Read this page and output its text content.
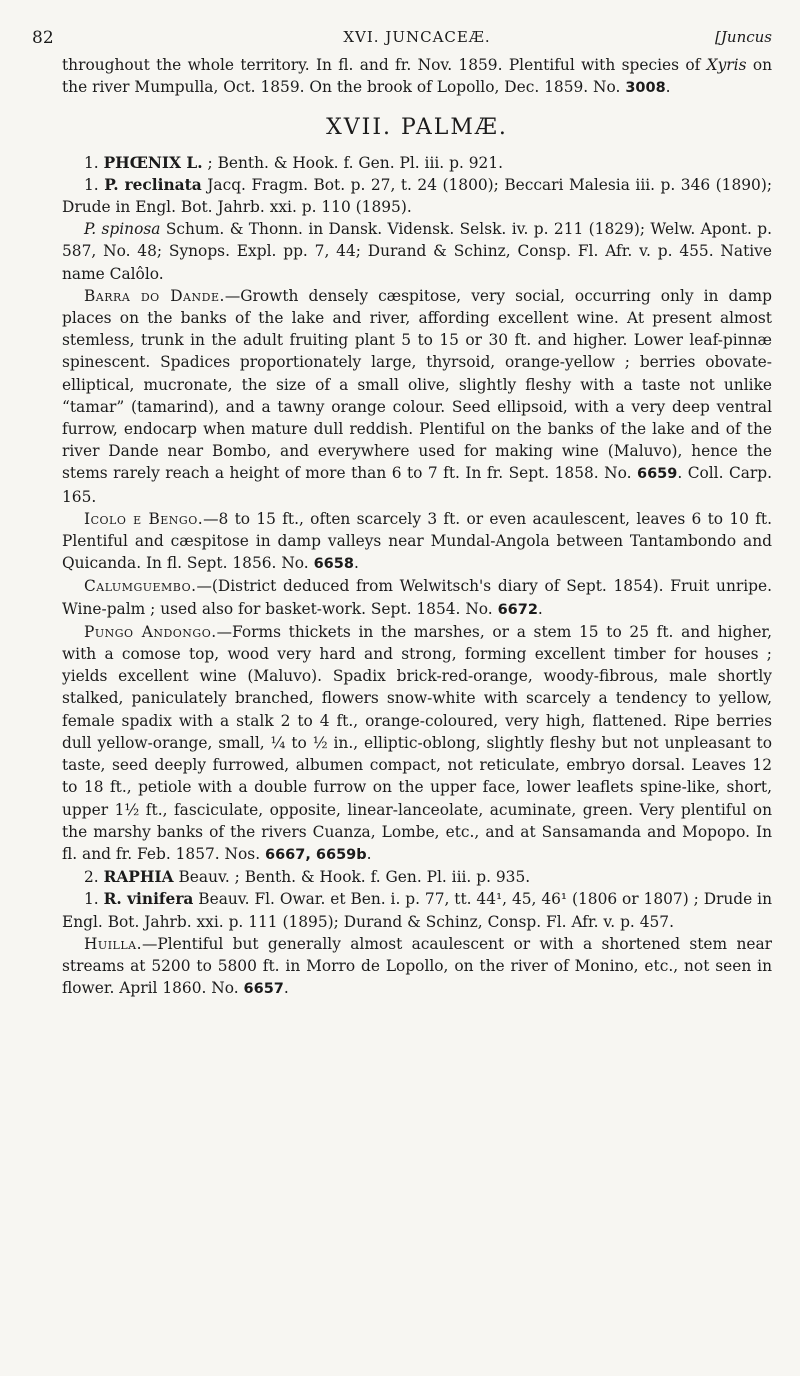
82	XVI. JUNCACEÆ.	[Juncus

throughout the whole territory. In fl. and fr. Nov. 1859. Plentiful with species of Xyris on the river Mumpulla, Oct. 1859. On the brook of Lopollo, Dec. 1859. No. 3008.

XVII. PALMÆ.

1. PHŒNIX L. ; Benth. & Hook. f. Gen. Pl. iii. p. 921.

1. P. reclinata Jacq. Fragm. Bot. p. 27, t. 24 (1800); Beccari Malesia iii. p. 346 (1890); Drude in Engl. Bot. Jahrb. xxi. p. 110 (1895).

P. spinosa Schum. & Thonn. in Dansk. Vidensk. Selsk. iv. p. 211 (1829); Welw. Apont. p. 587, No. 48; Synops. Expl. pp. 7, 44; Durand & Schinz, Consp. Fl. Afr. v. p. 455. Native name Calôlo.

Barra do Dande.—Growth densely cæspitose, very social, occurring only in damp places on the banks of the lake and river, affording excellent wine. At present almost stemless, trunk in the adult fruiting plant 5 to 15 or 30 ft. and higher. Lower leaf-pinnæ spinescent. Spadices proportionately large, thyrsoid, orange-yellow ; berries obovate-elliptical, mucronate, the size of a small olive, slightly fleshy with a taste not unlike “tamar” (tamarind), and a tawny orange colour. Seed ellipsoid, with a very deep ventral furrow, endocarp when mature dull reddish. Plentiful on the banks of the lake and of the river Dande near Bombo, and everywhere used for making wine (Maluvo), hence the stems rarely reach a height of more than 6 to 7 ft. In fr. Sept. 1858. No. 6659. Coll. Carp. 165.

Icolo e Bengo.—8 to 15 ft., often scarcely 3 ft. or even acaulescent, leaves 6 to 10 ft. Plentiful and cæspitose in damp valleys near Mundal-Angola between Tantambondo and Quicanda. In fl. Sept. 1856. No. 6658.

Calumguembo.—(District deduced from Welwitsch's diary of Sept. 1854). Fruit unripe. Wine-palm ; used also for basket-work. Sept. 1854. No. 6672.

Pungo Andongo.—Forms thickets in the marshes, or a stem 15 to 25 ft. and higher, with a comose top, wood very hard and strong, forming excellent timber for houses ; yields excellent wine (Maluvo). Spadix brick-red-orange, woody-fibrous, male shortly stalked, paniculately branched, flowers snow-white with scarcely a tendency to yellow, female spadix with a stalk 2 to 4 ft., orange-coloured, very high, flattened. Ripe berries dull yellow-orange, small, ¼ to ½ in., elliptic-oblong, slightly fleshy but not unpleasant to taste, seed deeply furrowed, albumen compact, not reticulate, embryo dorsal. Leaves 12 to 18 ft., petiole with a double furrow on the upper face, lower leaflets spine-like, short, upper 1½ ft., fasciculate, opposite, linear-lanceolate, acuminate, green. Very plentiful on the marshy banks of the rivers Cuanza, Lombe, etc., and at Sansamanda and Mopopo. In fl. and fr. Feb. 1857. Nos. 6667, 6659b.

2. RAPHIA Beauv. ; Benth. & Hook. f. Gen. Pl. iii. p. 935.

1. R. vinifera Beauv. Fl. Owar. et Ben. i. p. 77, tt. 44¹, 45, 46¹ (1806 or 1807) ; Drude in Engl. Bot. Jahrb. xxi. p. 111 (1895); Durand & Schinz, Consp. Fl. Afr. v. p. 457.

Huilla.—Plentiful but generally almost acaulescent or with a shortened stem near streams at 5200 to 5800 ft. in Morro de Lopollo, on the river of Monino, etc., not seen in flower. April 1860. No. 6657.
